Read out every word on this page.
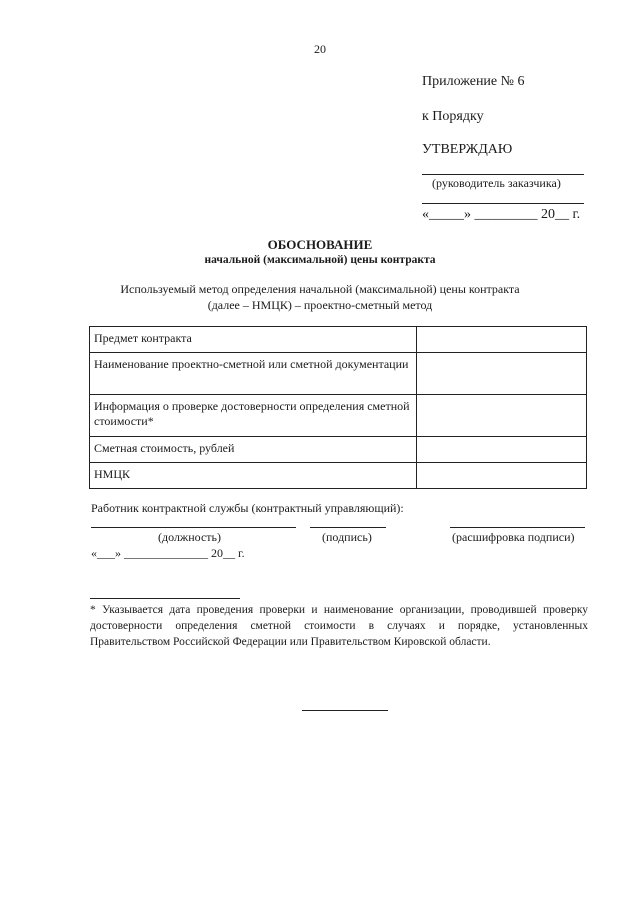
20
Приложение № 6
к Порядку
УТВЕРЖДАЮ
(руководитель заказчика)
«_____» _________ 20__ г.
ОБОСНОВАНИЕ
начальной (максимальной) цены контракта
Используемый метод определения начальной (максимальной) цены контракта
(далее – НМЦК) – проектно-сметный метод
Предмет контракта	
Наименование проектно-сметной или сметной документации	
Информация о проверке достоверности определения сметной стоимости*	
Сметная стоимость, рублей	
НМЦК	
Работник контрактной службы (контрактный управляющий):
(должность)	(подпись)	(расшифровка подписи)
«___» ______________ 20__ г.
* Указывается дата проведения проверки и наименование организации, проводившей проверку достоверности определения сметной стоимости в случаях и порядке, установленных Правительством Российской Федерации или Правительством Кировской области.
